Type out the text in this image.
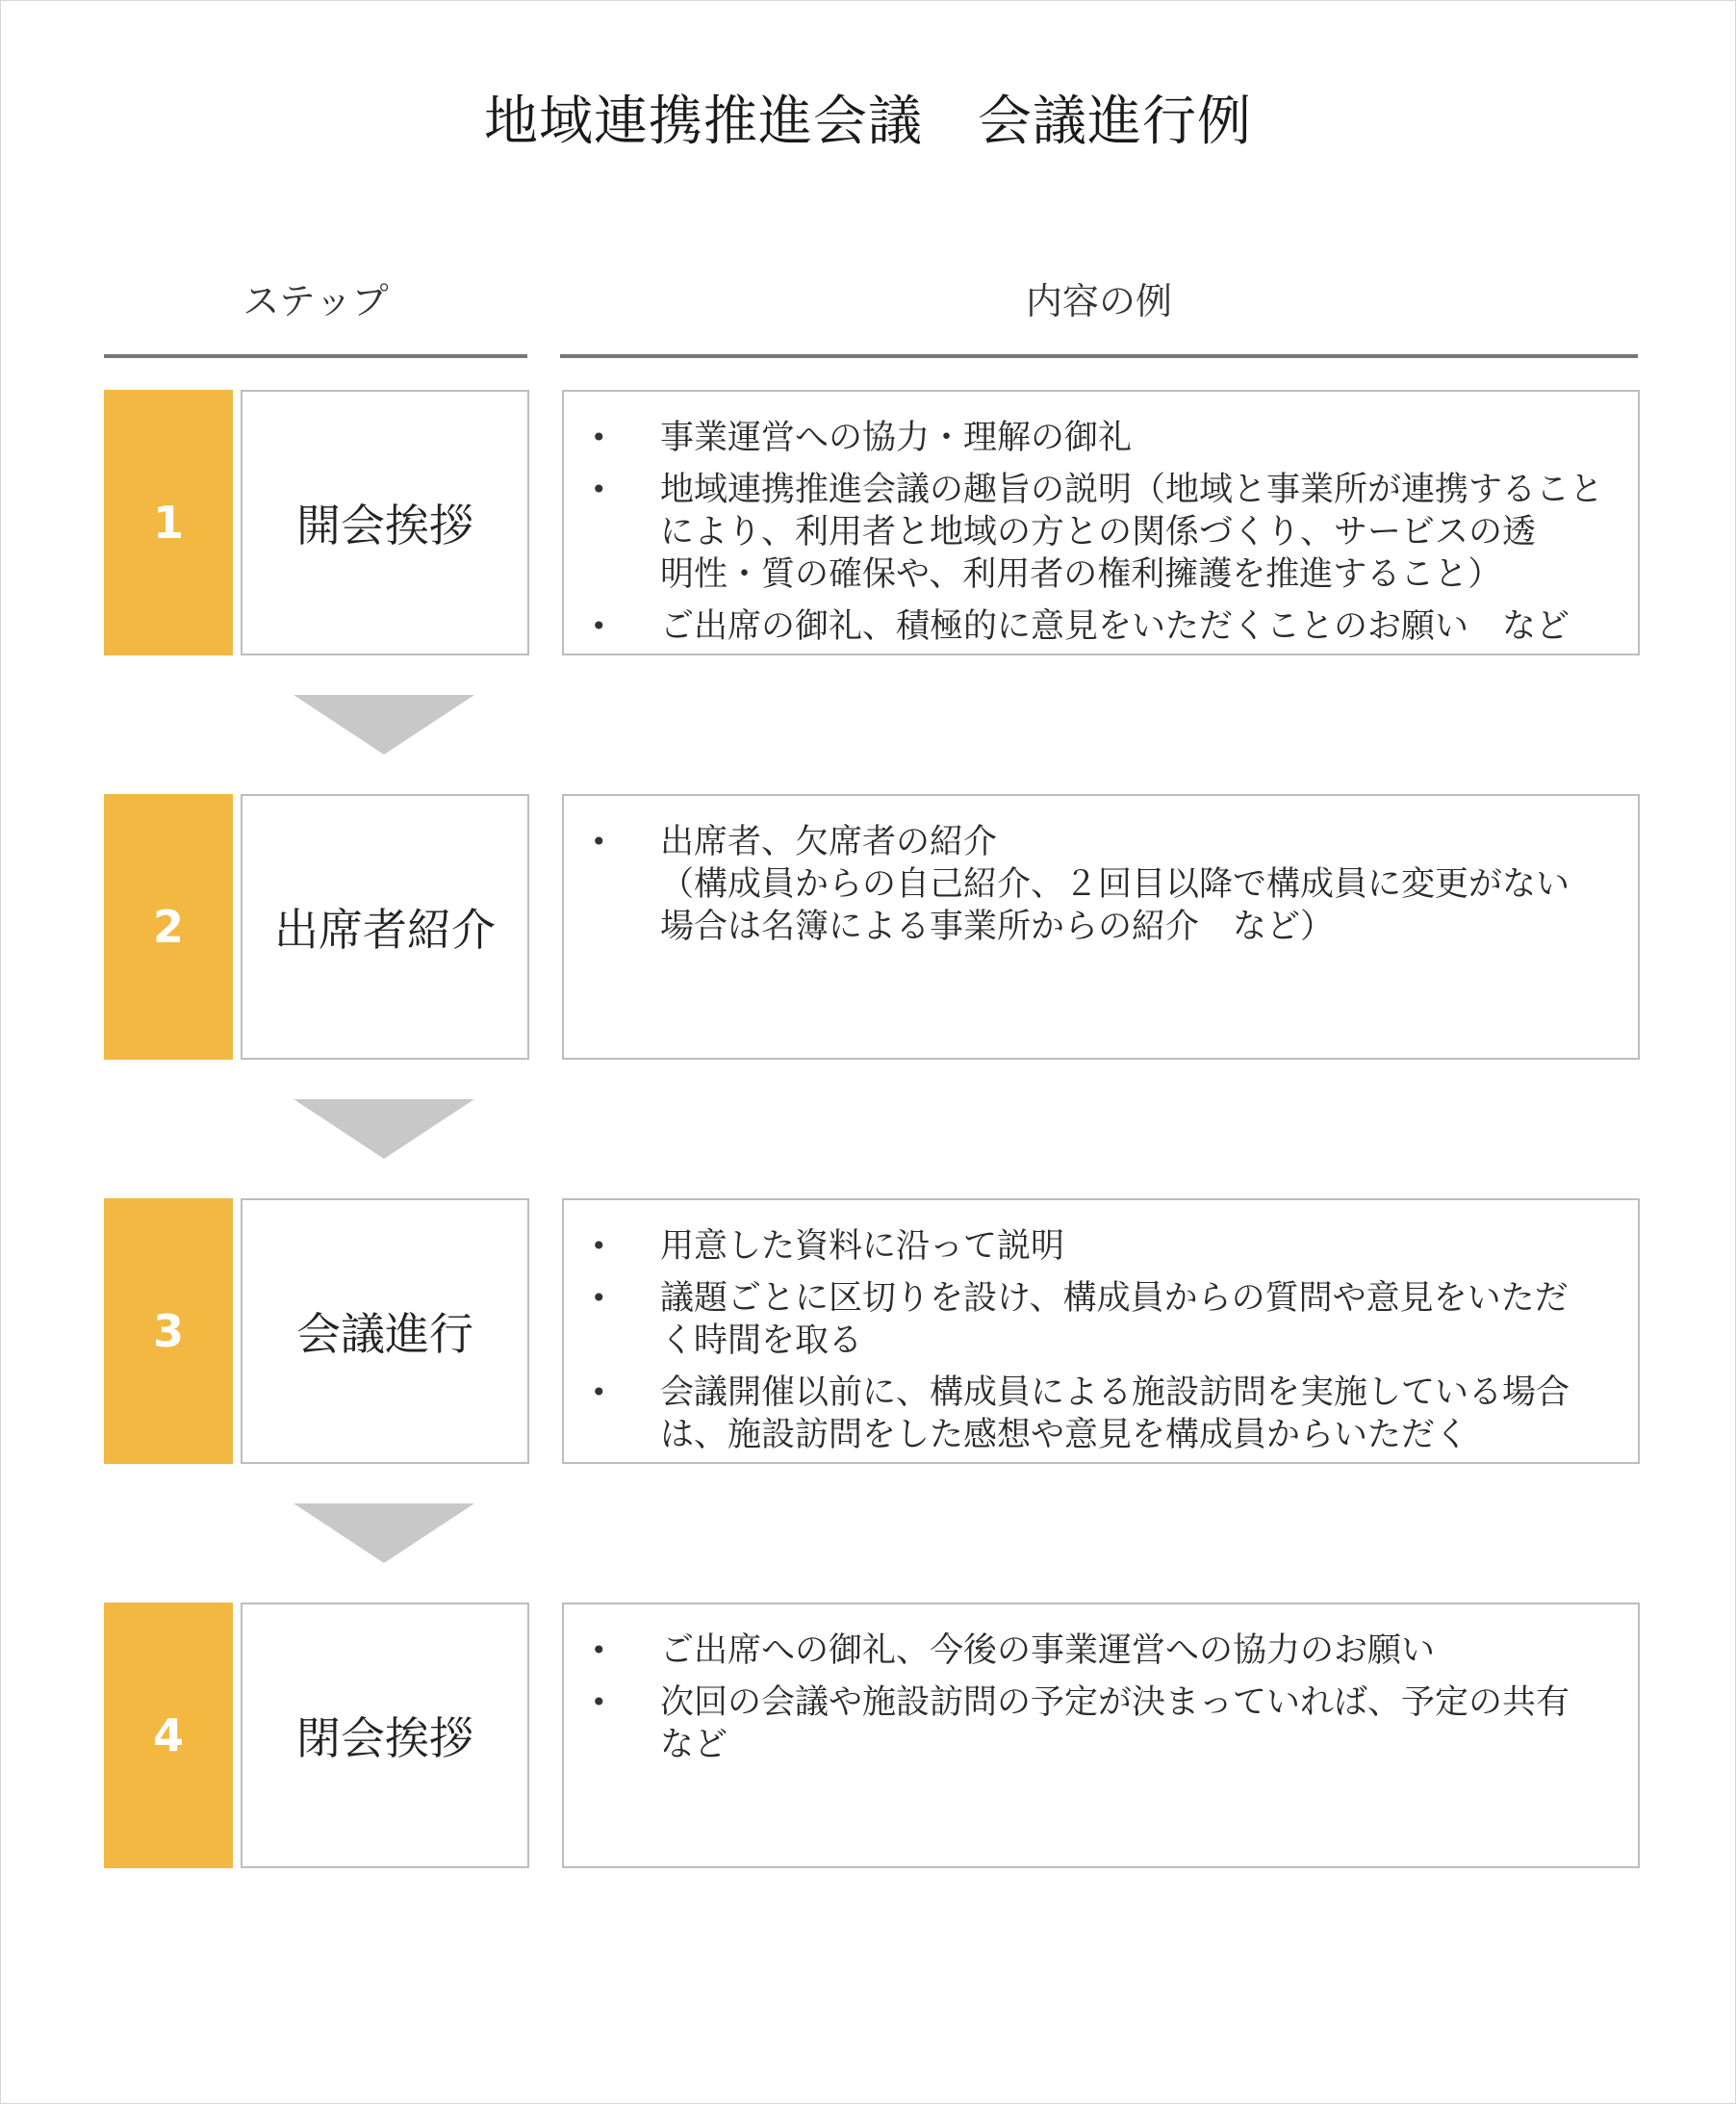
地域連携推進会議　会議進行例
ステップ	内容の例
1	開会挨拶
• 事業運営への協力・理解の御礼
• 地域連携推進会議の趣旨の説明（地域と事業所が連携すること
により、利用者と地域の方との関係づくり、サービスの透
明性・質の確保や、利用者の権利擁護を推進すること）
• ご出席の御礼、積極的に意見をいただくことのお願い　など
2	出席者紹介
• 出席者、欠席者の紹介
（構成員からの自己紹介、２回目以降で構成員に変更がない
場合は名簿による事業所からの紹介　など）
3	会議進行
• 用意した資料に沿って説明
• 議題ごとに区切りを設け、構成員からの質問や意見をいただ
く時間を取る
• 会議開催以前に、構成員による施設訪問を実施している場合
は、施設訪問をした感想や意見を構成員からいただく
4	閉会挨拶
• ご出席への御礼、今後の事業運営への協力のお願い
• 次回の会議や施設訪問の予定が決まっていれば、予定の共有
など
